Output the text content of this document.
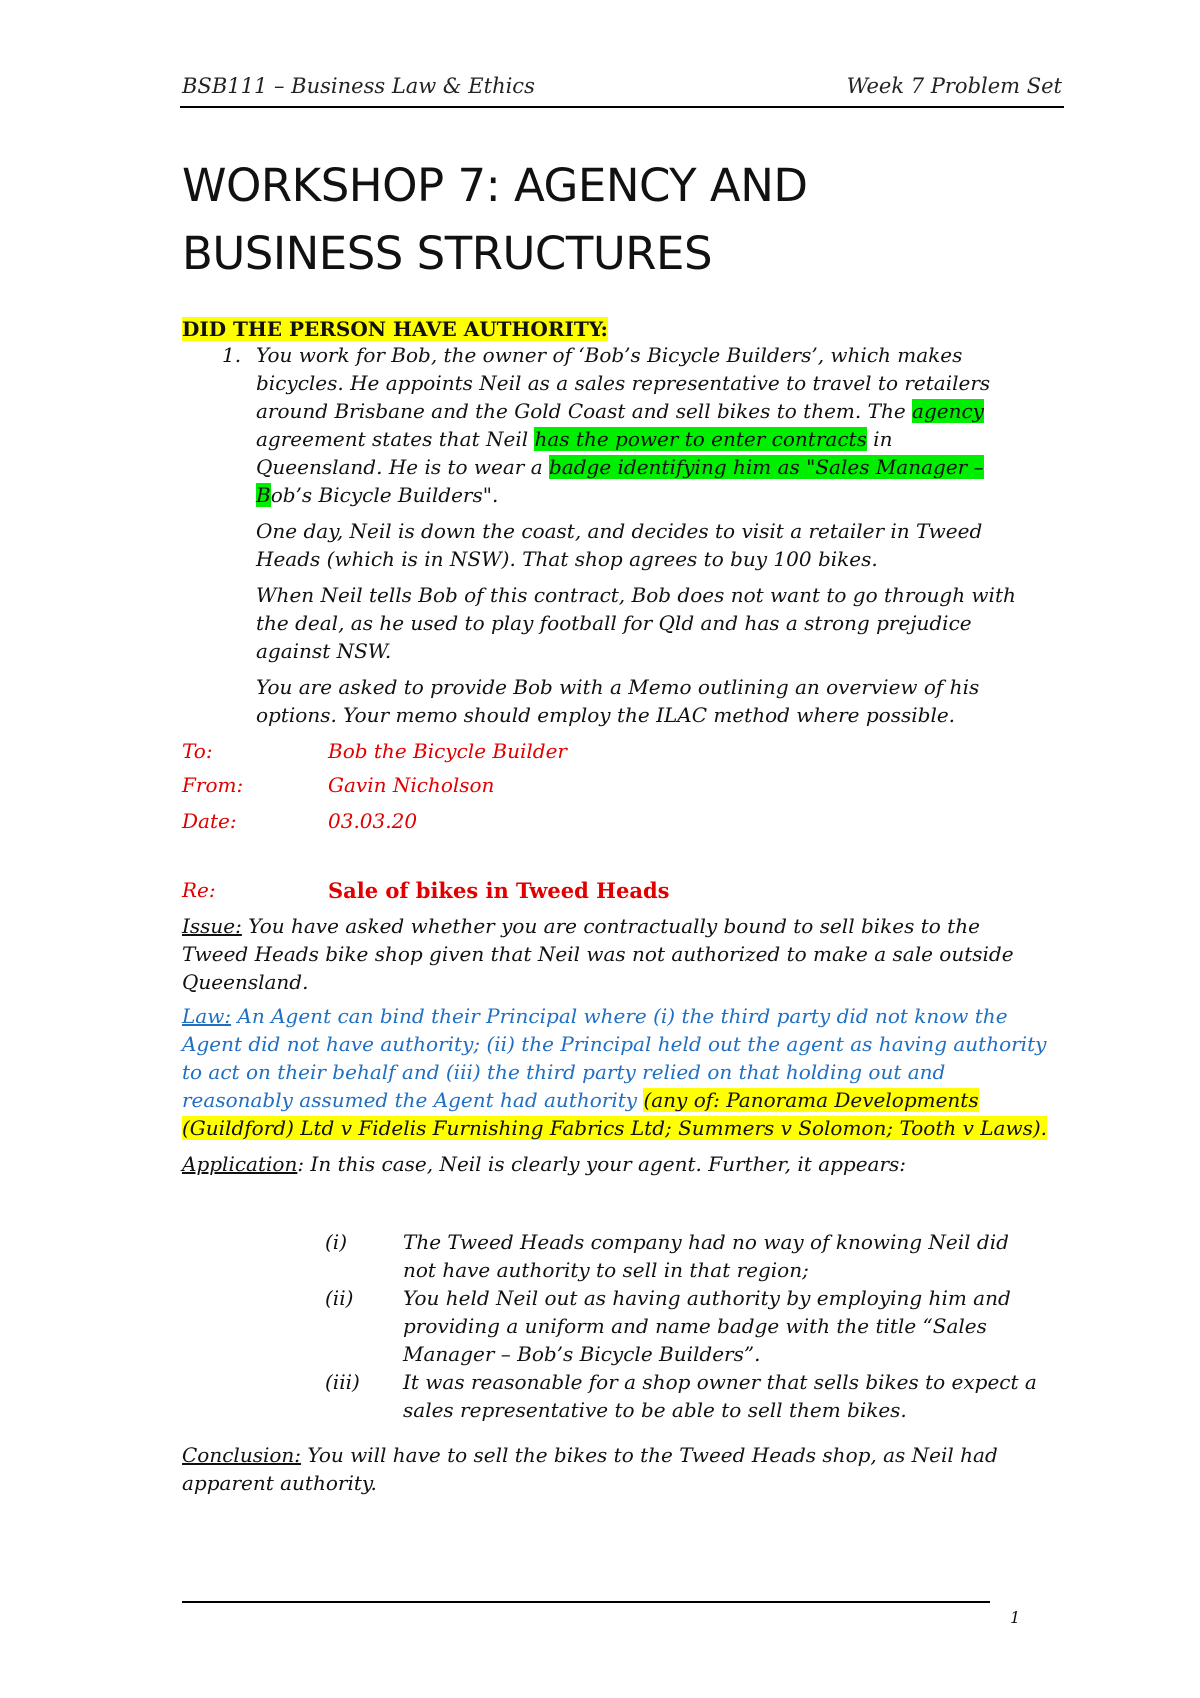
BSB111 – Business Law & Ethics	Week 7 Problem Set
WORKSHOP 7: AGENCY AND
BUSINESS STRUCTURES
DID THE PERSON HAVE AUTHORITY:
1. You work for Bob, the owner of ‘Bob’s Bicycle Builders’, which makes bicycles. He appoints Neil as a sales representative to travel to retailers around Brisbane and the Gold Coast and sell bikes to them. The agency agreement states that Neil has the power to enter contracts in Queensland. He is to wear a badge identifying him as "Sales Manager – Bob’s Bicycle Builders".

One day, Neil is down the coast, and decides to visit a retailer in Tweed Heads (which is in NSW). That shop agrees to buy 100 bikes.

When Neil tells Bob of this contract, Bob does not want to go through with the deal, as he used to play football for Qld and has a strong prejudice against NSW.

You are asked to provide Bob with a Memo outlining an overview of his options. Your memo should employ the ILAC method where possible.

To:	Bob the Bicycle Builder
From:	Gavin Nicholson
Date:	03.03.20
Re:	Sale of bikes in Tweed Heads

Issue: You have asked whether you are contractually bound to sell bikes to the Tweed Heads bike shop given that Neil was not authorized to make a sale outside Queensland.

Law: An Agent can bind their Principal where (i) the third party did not know the Agent did not have authority; (ii) the Principal held out the agent as having authority to act on their behalf and (iii) the third party relied on that holding out and reasonably assumed the Agent had authority (any of: Panorama Developments (Guildford) Ltd v Fidelis Furnishing Fabrics Ltd; Summers v Solomon; Tooth v Laws).

Application: In this case, Neil is clearly your agent. Further, it appears:

(i)	The Tweed Heads company had no way of knowing Neil did not have authority to sell in that region;
(ii)	You held Neil out as having authority by employing him and providing a uniform and name badge with the title “Sales Manager – Bob’s Bicycle Builders”.
(iii)	It was reasonable for a shop owner that sells bikes to expect a sales representative to be able to sell them bikes.

Conclusion: You will have to sell the bikes to the Tweed Heads shop, as Neil had apparent authority.

1
